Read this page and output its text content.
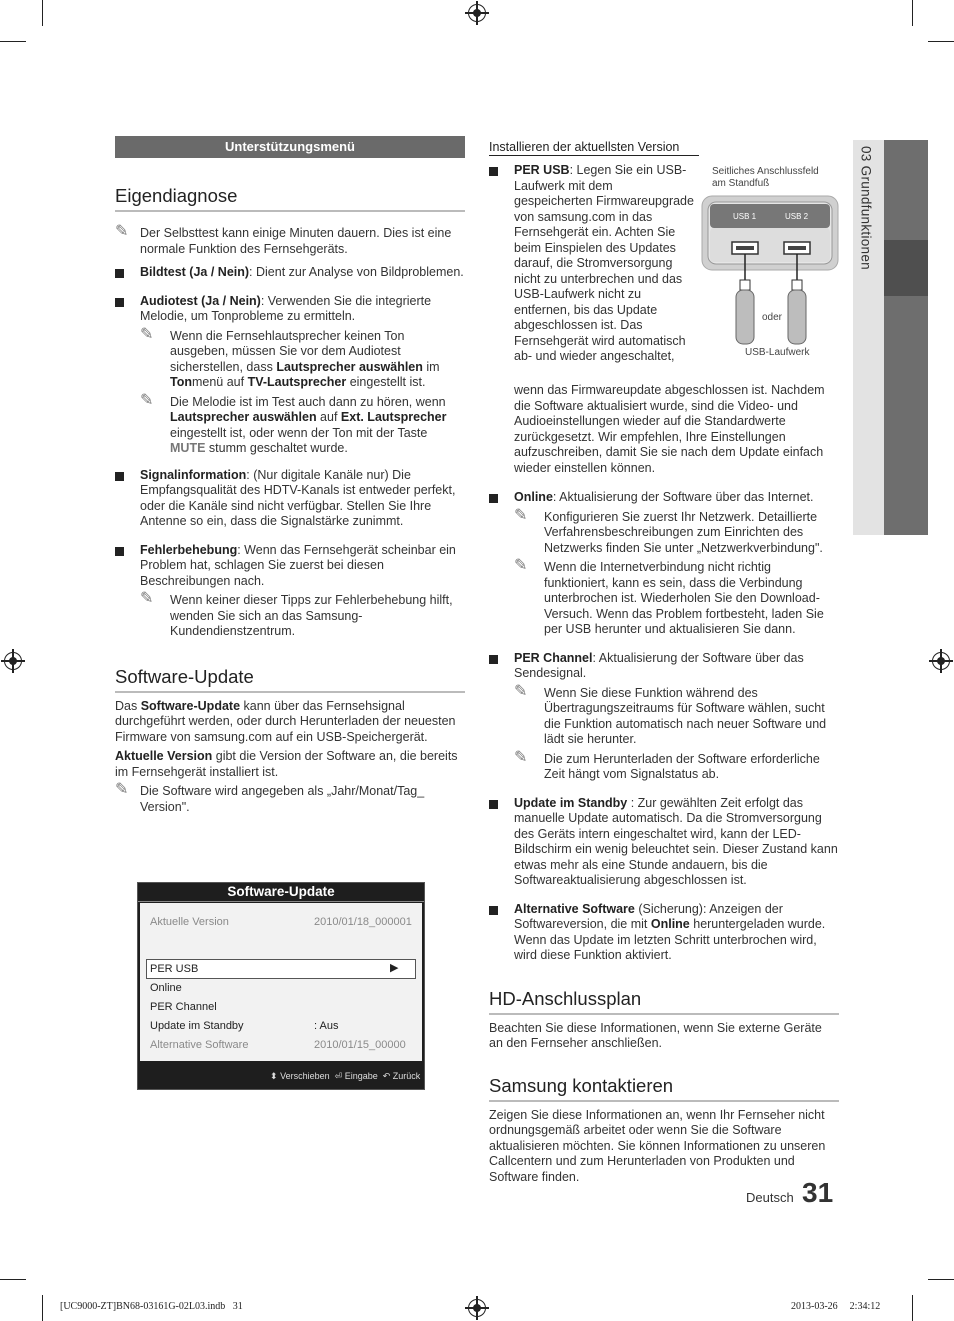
03 Grundfunktionen
Unterstützungsmenü
Eigendiagnose
✎ Der Selbsttest kann einige Minuten dauern. Dies ist eine normale Funktion des Fernsehgeräts.
Bildtest (Ja / Nein): Dient zur Analyse von Bildproblemen.
Audiotest (Ja / Nein): Verwenden Sie die integrierte Melodie, um Tonprobleme zu ermitteln.
✎ Wenn die Fernsehlautsprecher keinen Ton ausgeben, müssen Sie vor dem Audiotest sicherstellen, dass Lautsprecher auswählen im Tonmenü auf TV-Lautsprecher eingestellt ist.
✎ Die Melodie ist im Test auch dann zu hören, wenn Lautsprecher auswählen auf Ext. Lautsprecher eingestellt ist, oder wenn der Ton mit der Taste MUTE stumm geschaltet wurde.
Signalinformation: (Nur digitale Kanäle nur) Die Empfangsqualität des HDTV-Kanals ist entweder perfekt, oder die Kanäle sind nicht verfügbar. Stellen Sie Ihre Antenne so ein, dass die Signalstärke zunimmt.
Fehlerbehebung: Wenn das Fernsehgerät scheinbar ein Problem hat, schlagen Sie zuerst bei diesen Beschreibungen nach.
✎ Wenn keiner dieser Tipps zur Fehlerbehebung hilft, wenden Sie sich an das Samsung-Kundendienstzentrum.
Software-Update

Das Software-Update kann über das Fernsehsignal durchgeführt werden, oder durch Herunterladen der neuesten Firmware von samsung.com auf ein USB-Speichergerät.

Aktuelle Version gibt die Version der Software an, die bereits im Fernsehgerät installiert ist.

✎ Die Software wird angegeben als „Jahr/Monat/Tag_ Version".
Software-Update
Aktuelle Version	2010/01/18_000001
PER USB	▶
Online
PER Channel
Update im Standby	: Aus
Alternative Software	2010/01/15_00000
⬍ Verschieben ⏎ Eingabe ↶ Zurück
Installieren der aktuellsten Version
Seitliches Anschlussfeld
am Standfuß
USB 1	USB 2
oder
USB-Laufwerk
PER USB: Legen Sie ein USB-Laufwerk mit dem gespeicherten Firmwareupgrade von samsung.com in das Fernsehgerät ein. Achten Sie beim Einspielen des Updates darauf, die Stromversorgung nicht zu unterbrechen und das USB-Laufwerk nicht zu entfernen, bis das Update abgeschlossen ist. Das Fernsehgerät wird automatisch ab- und wieder angeschaltet,
wenn das Firmwareupdate abgeschlossen ist. Nachdem die Software aktualisiert wurde, sind die Video- und Audioeinstellungen wieder auf die Standardwerte zurückgesetzt. Wir empfehlen, Ihre Einstellungen aufzuschreiben, damit Sie sie nach dem Update einfach wieder einstellen können.
Online: Aktualisierung der Software über das Internet.
✎ Konfigurieren Sie zuerst Ihr Netzwerk. Detaillierte Verfahrensbeschreibungen zum Einrichten des Netzwerks finden Sie unter „Netzwerkverbindung".
✎ Wenn die Internetverbindung nicht richtig funktioniert, kann es sein, dass die Verbindung unterbrochen ist. Wiederholen Sie den Download-Versuch. Wenn das Problem fortbesteht, laden Sie per USB herunter und aktualisieren Sie dann.
PER Channel: Aktualisierung der Software über das Sendesignal.
✎ Wenn Sie diese Funktion während des Übertragungszeitraums für Software wählen, sucht die Funktion automatisch nach neuer Software und lädt sie herunter.
✎ Die zum Herunterladen der Software erforderliche Zeit hängt vom Signalstatus ab.
Update im Standby : Zur gewählten Zeit erfolgt das manuelle Update automatisch. Da die Stromversorgung des Geräts intern eingeschaltet wird, kann der LED-Bildschirm ein wenig beleuchtet sein. Dieser Zustand kann etwas mehr als eine Stunde andauern, bis die Softwareaktualisierung abgeschlossen ist.
Alternative Software (Sicherung): Anzeigen der Softwareversion, die mit Online heruntergeladen wurde. Wenn das Update im letzten Schritt unterbrochen wird, wird diese Funktion aktiviert.
HD-Anschlussplan

Beachten Sie diese Informationen, wenn Sie externe Geräte an den Fernseher anschließen.

Samsung kontaktieren

Zeigen Sie diese Informationen an, wenn Ihr Fernseher nicht ordnungsgemäß arbeitet oder wenn Sie die Software aktualisieren möchten. Sie können Informationen zu unseren Callcentern und zum Herunterladen von Produkten und Software finden.

Deutsch 31
[UC9000-ZT]BN68-03161G-02L03.indb   31	2013-03-26     2:34:12
